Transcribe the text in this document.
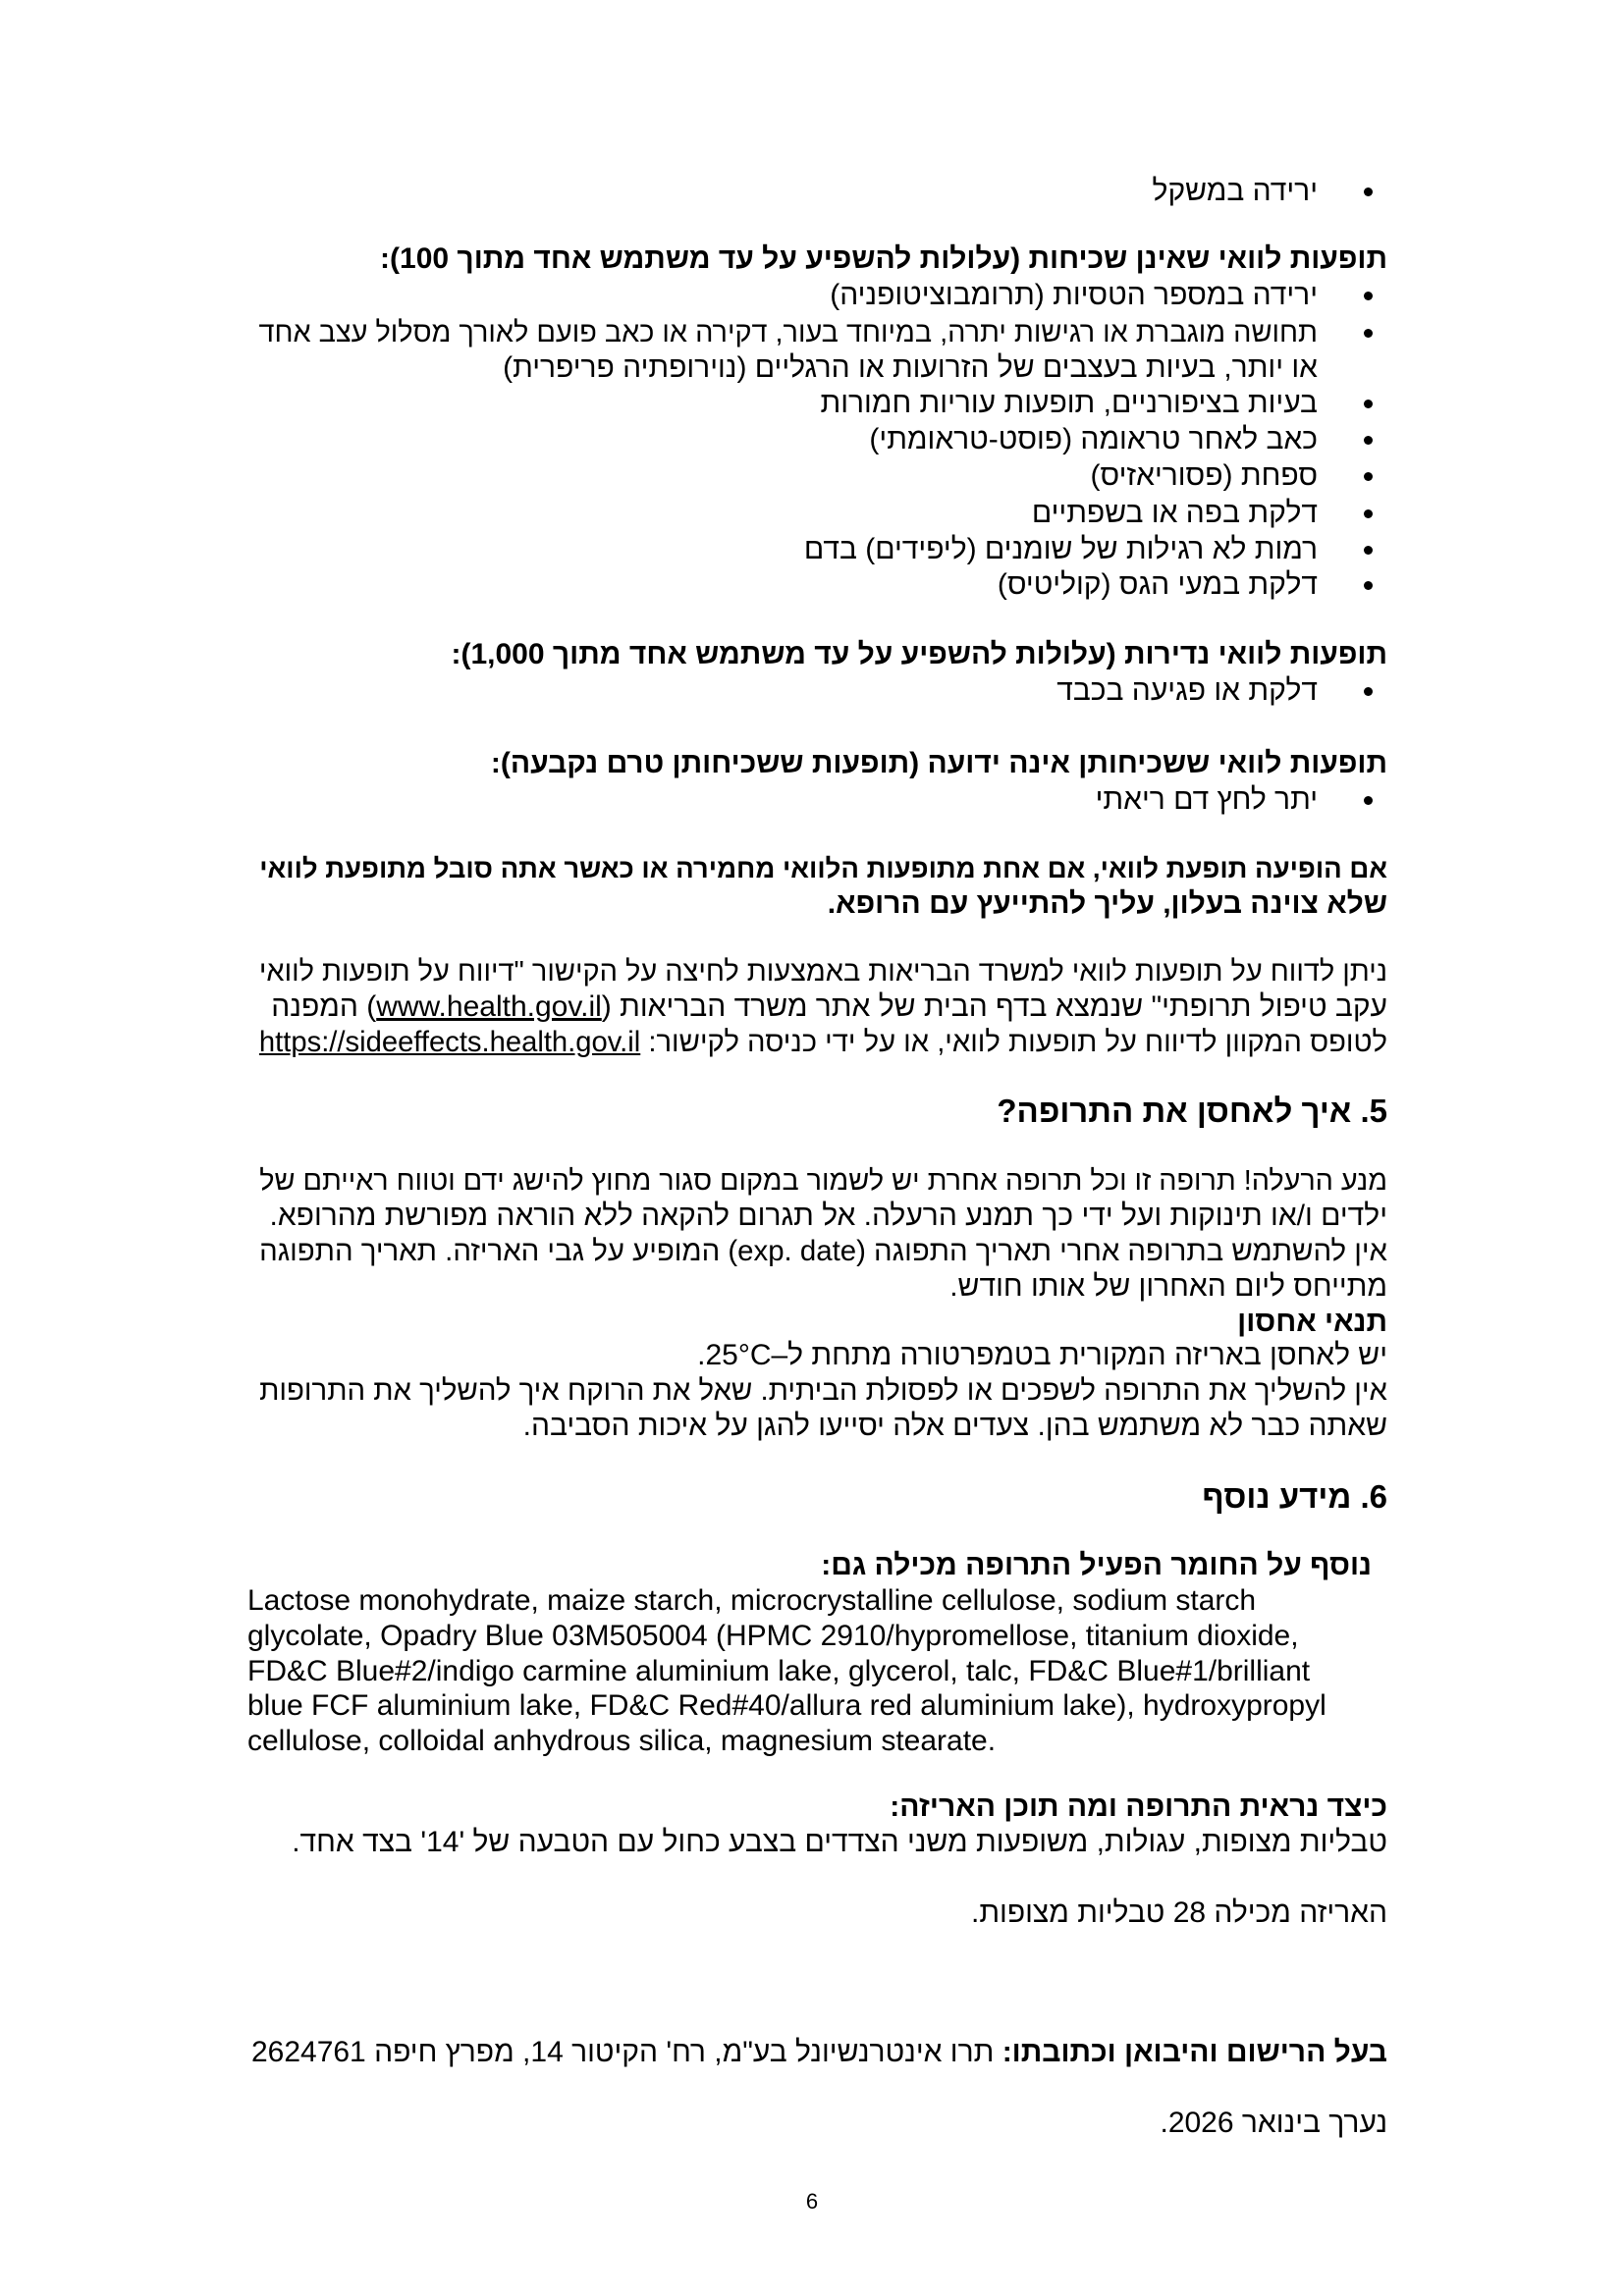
ירידה במשקל
תופעות לוואי שאינן שכיחות (עלולות להשפיע על עד משתמש אחד מתוך 100):
ירידה במספר הטסיות (תרומבוציטופניה)
תחושה מוגברת או רגישות יתרה, במיוחד בעור, דקירה או כאב פועם לאורך מסלול עצב אחד
או יותר, בעיות בעצבים של הזרועות או הרגליים (נוירופתיה פריפרית)
בעיות בציפורניים, תופעות עוריות חמורות
כאב לאחר טראומה (פוסט-טראומתי)
ספחת (פסוריאזיס)
דלקת בפה או בשפתיים
רמות לא רגילות של שומנים (ליפידים) בדם
דלקת במעי הגס (קוליטיס)
תופעות לוואי נדירות (עלולות להשפיע על עד משתמש אחד מתוך 1,000):
דלקת או פגיעה בכבד
תופעות לוואי ששכיחותן אינה ידועה (תופעות ששכיחותן טרם נקבעה):
יתר לחץ דם ריאתי
אם הופיעה תופעת לוואי, אם אחת מתופעות הלוואי מחמירה או כאשר אתה סובל מתופעת לוואי
שלא צוינה בעלון, עליך להתייעץ עם הרופא.
ניתן לדווח על תופעות לוואי למשרד הבריאות באמצעות לחיצה על הקישור "דיווח על תופעות לוואי
עקב טיפול תרופתי" שנמצא בדף הבית של אתר משרד הבריאות (www.health.gov.il) המפנה
לטופס המקוון לדיווח על תופעות לוואי, או על ידי כניסה לקישור: https://sideeffects.health.gov.il
5. איך לאחסן את התרופה?
מנע הרעלה! תרופה זו וכל תרופה אחרת יש לשמור במקום סגור מחוץ להישג ידם וטווח ראייתם של
ילדים ו/או תינוקות ועל ידי כך תמנע הרעלה. אל תגרום להקאה ללא הוראה מפורשת מהרופא.
אין להשתמש בתרופה אחרי תאריך התפוגה (exp. date) המופיע על גבי האריזה. תאריך התפוגה
מתייחס ליום האחרון של אותו חודש.
תנאי אחסון
יש לאחסן באריזה המקורית בטמפרטורה מתחת ל–25°C.
אין להשליך את התרופה לשפכים או לפסולת הביתית. שאל את הרוקח איך להשליך את התרופות
שאתה כבר לא משתמש בהן. צעדים אלה יסייעו להגן על איכות הסביבה.
6. מידע נוסף
נוסף על החומר הפעיל התרופה מכילה גם:
Lactose monohydrate, maize starch, microcrystalline cellulose, sodium starch
glycolate, Opadry Blue 03M505004 (HPMC 2910/hypromellose, titanium dioxide,
FD&C Blue#2/indigo carmine aluminium lake, glycerol, talc, FD&C Blue#1/brilliant
blue FCF aluminium lake, FD&C Red#40/allura red aluminium lake), hydroxypropyl
cellulose, colloidal anhydrous silica, magnesium stearate.
כיצד נראית התרופה ומה תוכן האריזה:
טבליות מצופות, עגולות, משופעות משני הצדדים בצבע כחול עם הטבעה של '14' בצד אחד.
האריזה מכילה 28 טבליות מצופות.
בעל הרישום והיבואן וכתובתו: תרו אינטרנשיונל בע"מ, רח' הקיטור 14, מפרץ חיפה 2624761
נערך בינואר 2026.
6
